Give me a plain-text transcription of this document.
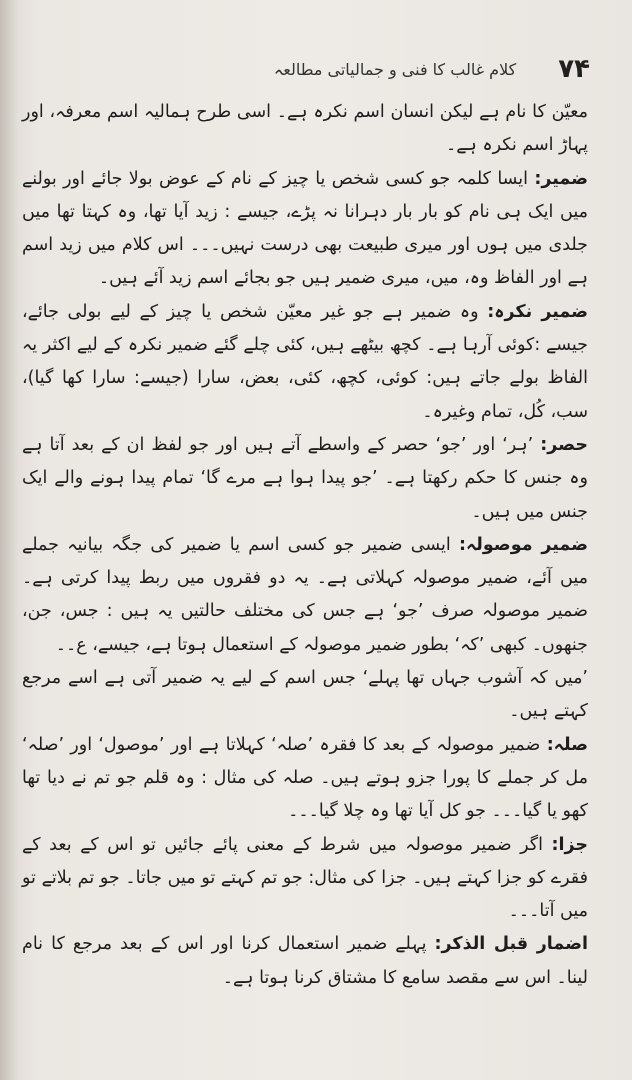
۷۴
کلام غالب کا فنی و جمالیاتی مطالعہ

معیّن کا نام ہے لیکن انسان اسم نکرہ ہے۔ اسی طرح ہمالیہ اسم معرفہ، اور پہاڑ اسم نکرہ ہے۔

ضمیر: ایسا کلمہ جو کسی شخص یا چیز کے نام کے عوض بولا جائے اور بولنے میں ایک ہی نام کو بار بار دہرانا نہ پڑے، جیسے : زید آیا تھا، وہ کہتا تھا میں جلدی میں ہوں اور میری طبیعت بھی درست نہیں۔۔۔ اس کلام میں زید اسم ہے اور الفاظ وہ، میں، میری ضمیر ہیں جو بجائے اسم زید آئے ہیں۔

ضمیر نکرہ: وہ ضمیر ہے جو غیر معیّن شخص یا چیز کے لیے بولی جائے، جیسے :کوئی آرہا ہے۔ کچھ بیٹھے ہیں، کئی چلے گئے ضمیر نکرہ کے لیے اکثر یہ الفاظ بولے جاتے ہیں: کوئی، کچھ، کئی، بعض، سارا (جیسے: سارا کھا گیا)، سب، کُل، تمام وغیرہ۔

حصر: ’ہر‘ اور ’جو‘ حصر کے واسطے آتے ہیں اور جو لفظ ان کے بعد آتا ہے وہ جنس کا حکم رکھتا ہے۔ ’جو پیدا ہوا ہے مرے گا‘ تمام پیدا ہونے والے ایک جنس میں ہیں۔

ضمیر موصولہ: ایسی ضمیر جو کسی اسم یا ضمیر کی جگہ بیانیہ جملے میں آئے، ضمیر موصولہ کہلاتی ہے۔ یہ دو فقروں میں ربط پیدا کرتی ہے۔ ضمیر موصولہ صرف ’جو‘ ہے جس کی مختلف حالتیں یہ ہیں : جس، جن، جنھوں۔ کبھی ’کہ‘ بطور ضمیر موصولہ کے استعمال ہوتا ہے، جیسے، ع۔۔

’میں کہ آشوب جہاں تھا پہلے‘ جس اسم کے لیے یہ ضمیر آتی ہے اسے مرجع کہتے ہیں۔

صلہ: ضمیر موصولہ کے بعد کا فقرہ ’صلہ‘ کہلاتا ہے اور ’موصول‘ اور ’صلہ‘ مل کر جملے کا پورا جزو ہوتے ہیں۔ صلہ کی مثال : وہ قلم جو تم نے دیا تھا کھو یا گیا۔۔۔ جو کل آیا تھا وہ چلا گیا۔۔۔

جزا: اگر ضمیر موصولہ میں شرط کے معنی پائے جائیں تو اس کے بعد کے فقرے کو جزا کہتے ہیں۔ جزا کی مثال: جو تم کہتے تو میں جاتا۔ جو تم بلاتے تو میں آتا۔۔۔

اضمار قبل الذکر: پہلے ضمیر استعمال کرنا اور اس کے بعد مرجع کا نام لینا۔ اس سے مقصد سامع کا مشتاق کرنا ہوتا ہے۔
